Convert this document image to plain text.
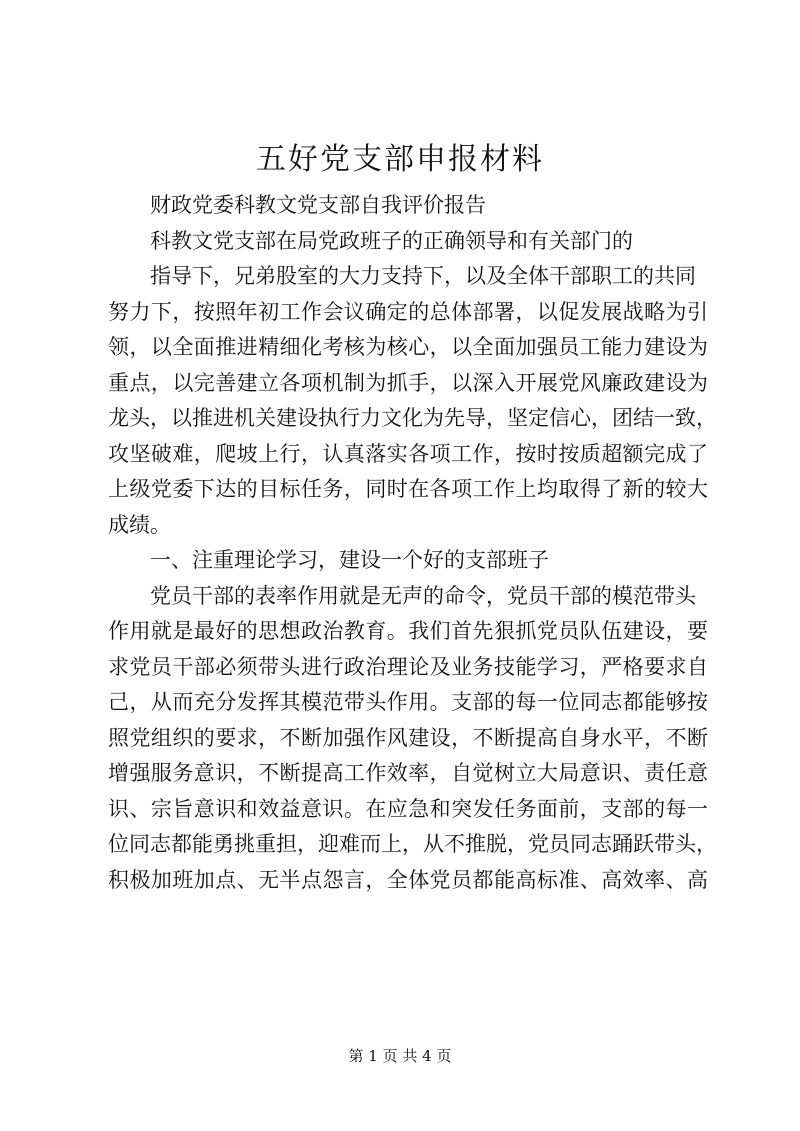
五好党支部申报材料

财政党委科教文党支部自我评价报告

科教文党支部在局党政班子的正确领导和有关部门的

指导下，兄弟股室的大力支持下，以及全体干部职工的共同

努力下，按照年初工作会议确定的总体部署，以促发展战略为引

领，以全面推进精细化考核为核心，以全面加强员工能力建设为

重点，以完善建立各项机制为抓手，以深入开展党风廉政建设为

龙头，以推进机关建设执行力文化为先导，坚定信心，团结一致，

攻坚破难，爬坡上行，认真落实各项工作，按时按质超额完成了

上级党委下达的目标任务，同时在各项工作上均取得了新的较大

成绩。

一、注重理论学习，建设一个好的支部班子

党员干部的表率作用就是无声的命令，党员干部的模范带头

作用就是最好的思想政治教育。我们首先狠抓党员队伍建设，要

求党员干部必须带头进行政治理论及业务技能学习，严格要求自

己，从而充分发挥其模范带头作用。支部的每一位同志都能够按

照党组织的要求，不断加强作风建设，不断提高自身水平，不断

增强服务意识，不断提高工作效率，自觉树立大局意识、责任意

识、宗旨意识和效益意识。在应急和突发任务面前，支部的每一

位同志都能勇挑重担，迎难而上，从不推脱，党员同志踊跃带头，

积极加班加点、无半点怨言，全体党员都能高标准、高效率、高

第 1 页 共 4 页
